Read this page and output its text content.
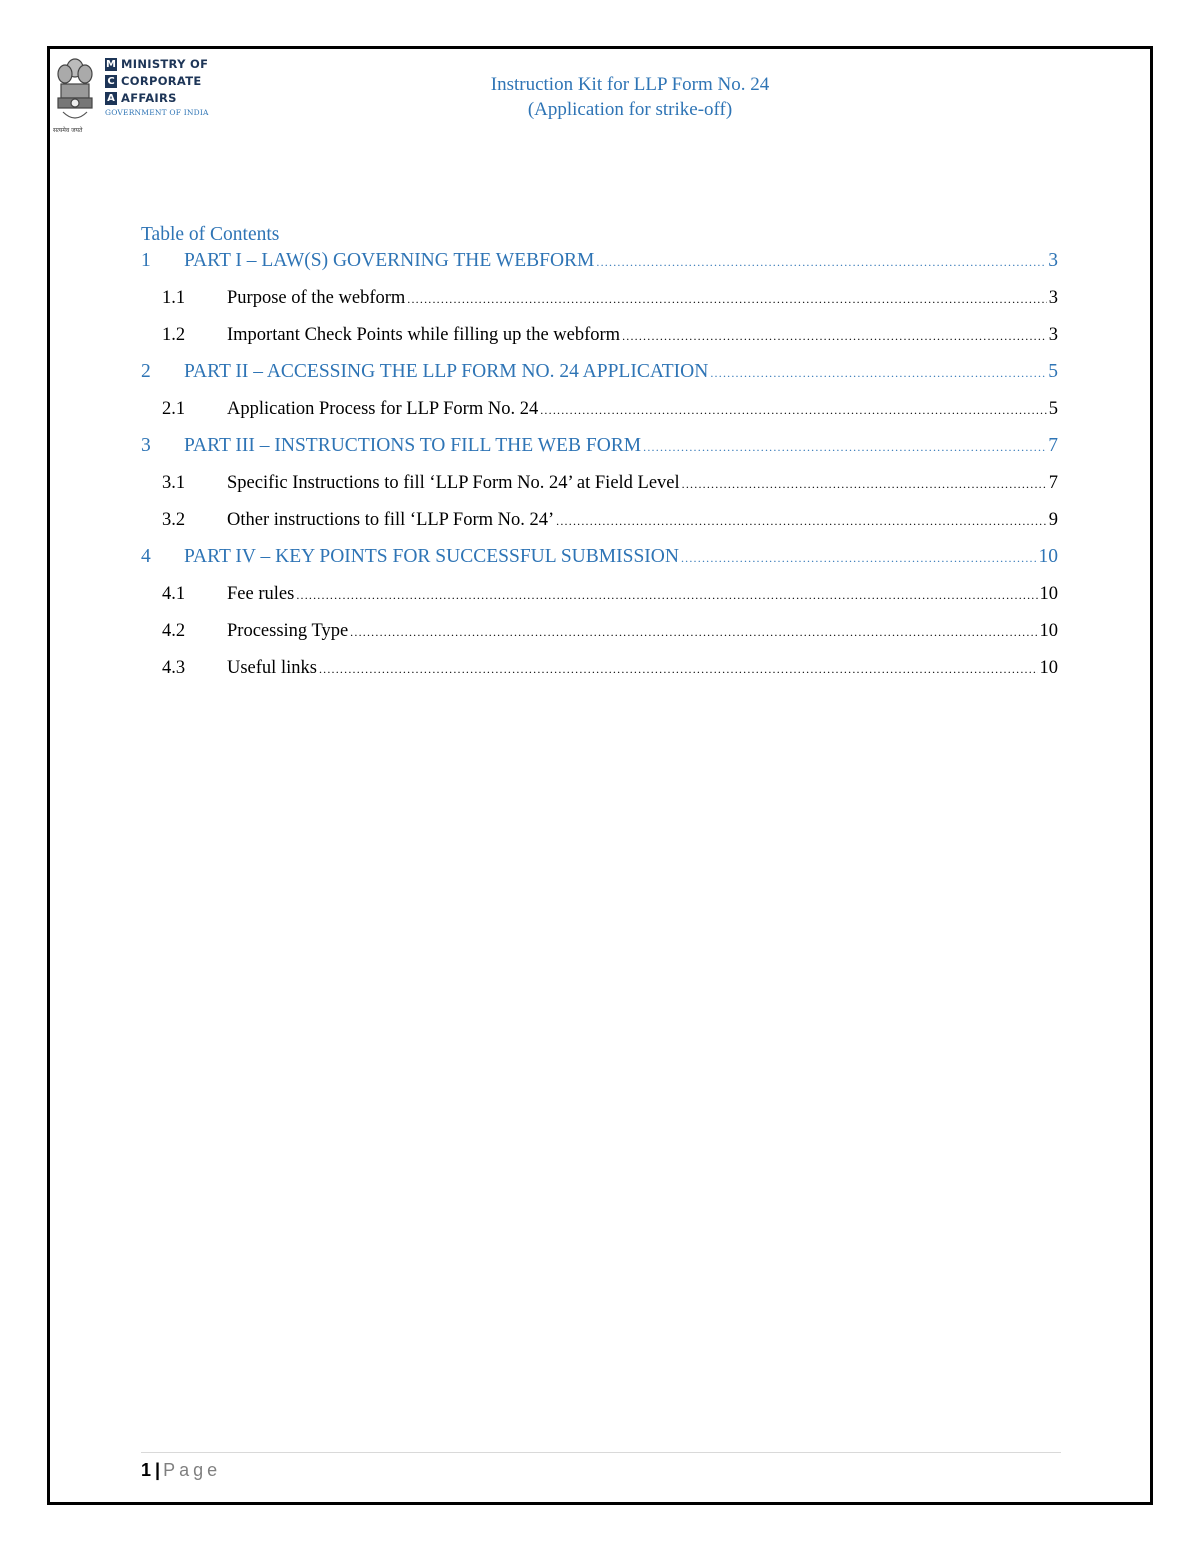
सत्यमेव जयते
M MINISTRY OF
C CORPORATE
A AFFAIRS
GOVERNMENT OF INDIA
Instruction Kit for LLP Form No. 24
(Application for strike-off)
Table of Contents
1	PART I – LAW(S) GOVERNING THE WEBFORM .....	3
1.1	Purpose of the webform .....	3
1.2	Important Check Points while filling up the webform .....	3
2	PART II – ACCESSING THE LLP FORM NO. 24 APPLICATION .....	5
2.1	Application Process for LLP Form No. 24 .....	5
3	PART III – INSTRUCTIONS TO FILL THE WEB FORM .....	7
3.1	Specific Instructions to fill ‘LLP Form No. 24’ at Field Level .....	7
3.2	Other instructions to fill ‘LLP Form No. 24’ .....	9
4	PART IV – KEY POINTS FOR SUCCESSFUL SUBMISSION .....	10
4.1	Fee rules .....	10
4.2	Processing Type .....	10
4.3	Useful links .....	10
1 | Page
